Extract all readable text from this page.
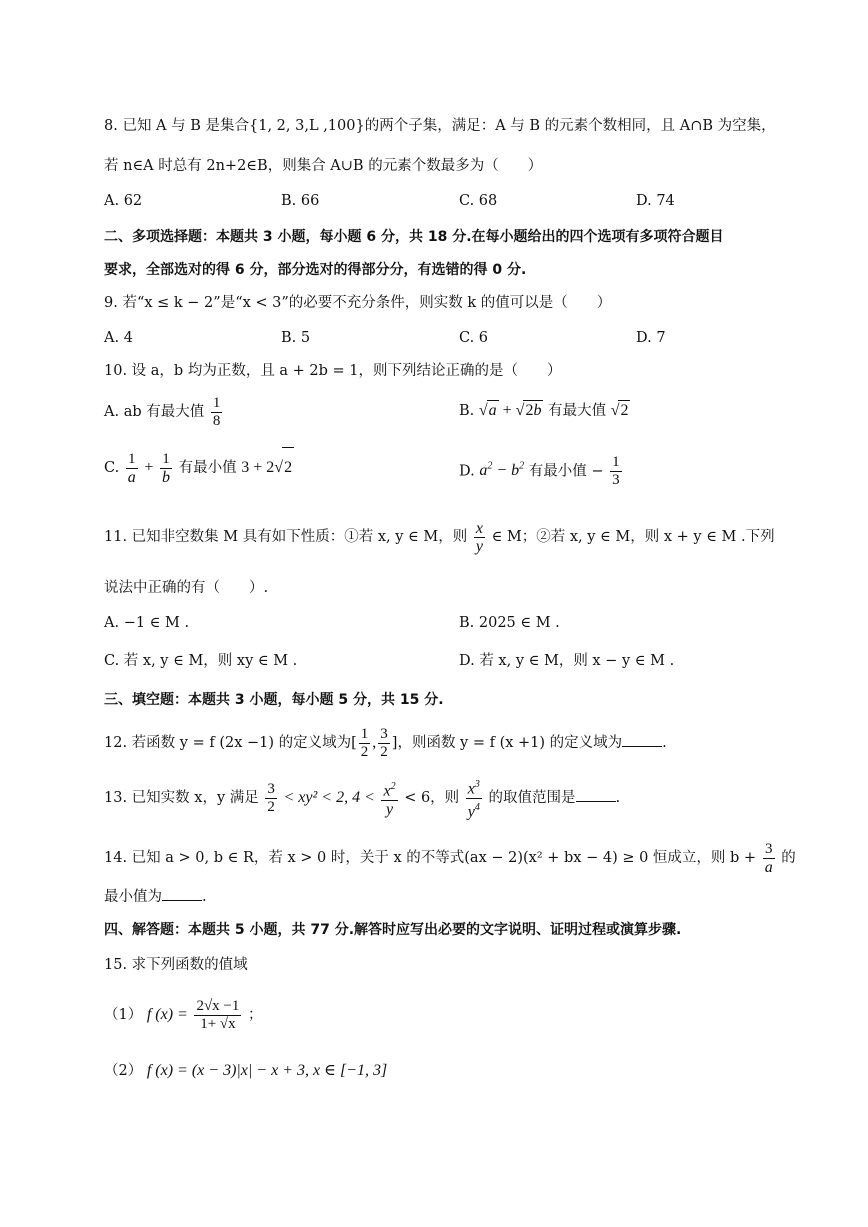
8. 已知 A 与 B 是集合{1, 2, 3,L ,100}的两个子集，满足：A 与 B 的元素个数相同，且 A∩B 为空集，
若 n∈A 时总有 2n+2∈B，则集合 A∪B 的元素个数最多为（　　）
A. 62	B. 66	C. 68	D. 74
二、多项选择题：本题共 3 小题，每小题 6 分，共 18 分.在每小题给出的四个选项有多项符合题目
要求，全部选对的得 6 分，部分选对的得部分分，有选错的得 0 分.
9. 若“x ≤ k − 2”是“x < 3”的必要不充分条件，则实数 k 的值可以是（　　）
A. 4	B. 5	C. 6	D. 7
10. 设 a，b 均为正数，且 a + 2b = 1，则下列结论正确的是（　　）
A. ab 有最大值 $\frac{1}{8}$	B. √a + √2b 有最大值 √2
C. $\frac{1}{a} + \frac{1}{b}$ 有最小值 3 + 2√2	D. $a^2 - b^2$ 有最小值 − $\frac{1}{3}$
11. 已知非空数集 M 具有如下性质：①若 x, y ∈ M，则 $\frac{x}{y}$ ∈ M；②若 x, y ∈ M，则 x + y ∈ M .下列
说法中正确的有（　　）.
A. −1 ∈ M .	B. 2025 ∈ M .
C. 若 x, y ∈ M，则 xy ∈ M .	D. 若 x, y ∈ M，则 x − y ∈ M .
三、填空题：本题共 3 小题，每小题 5 分，共 15 分.
12. 若函数 y = f (2x −1) 的定义域为[ $\frac{1}{2}$ , $\frac{3}{2}$ ]，则函数 y = f (x +1) 的定义域为	.
13. 已知实数 x，y 满足 $\frac{3}{2} < xy^2 < 2$, $4 < \frac{x^2}{y} < 6$，则 $\frac{x^3}{y^4}$ 的取值范围是	.
14. 已知 a > 0, b ∈ R，若 x > 0 时，关于 x 的不等式(ax − 2)(x² + bx − 4) ≥ 0 恒成立，则 $b + \frac{3}{a}$ 的
最小值为	.
四、解答题：本题共 5 小题，共 77 分.解答时应写出必要的文字说明、证明过程或演算步骤.
15. 求下列函数的值域
（1） f $(x) = \frac{2√x -1}{1+ √x}$ ；
（2） f (x) = (x − 3)|x| − x + 3, x ∈ [−1, 3]
